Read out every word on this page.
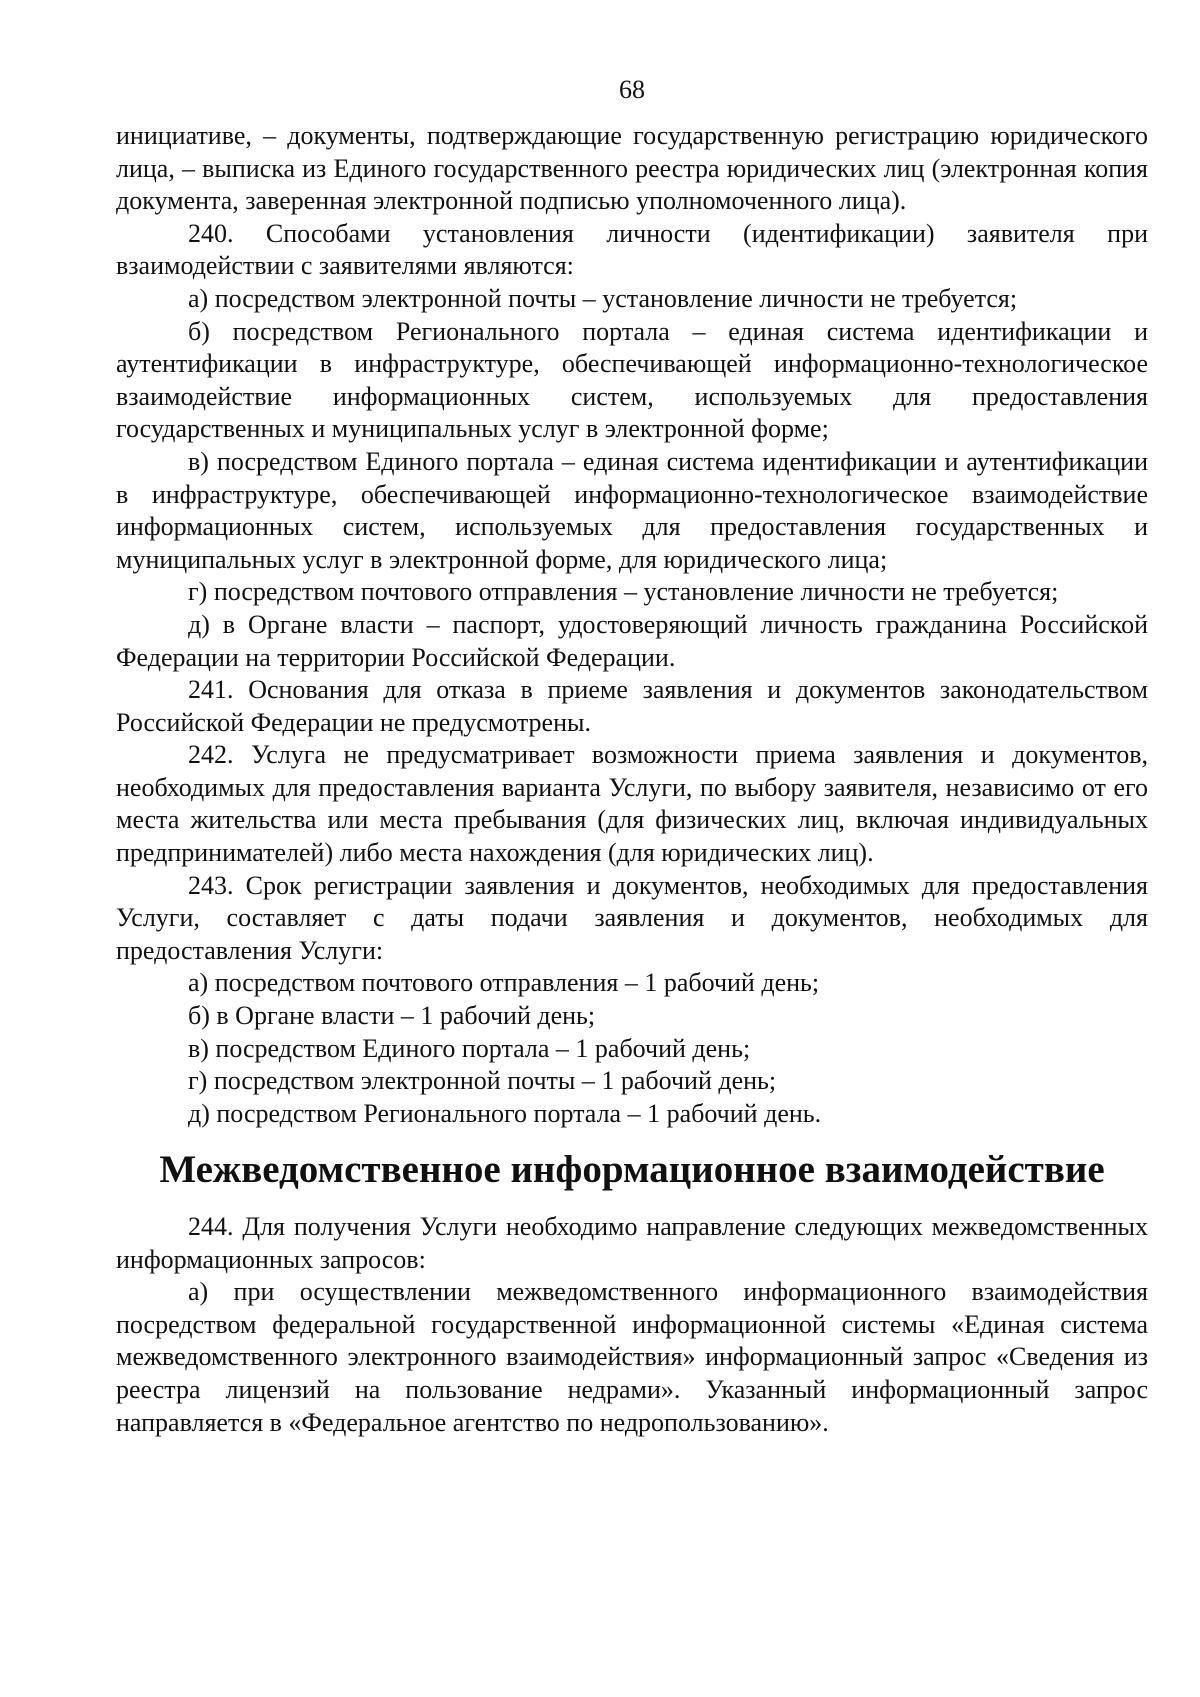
68

инициативе, – документы, подтверждающие государственную регистрацию юридического лица, – выписка из Единого государственного реестра юридических лиц (электронная копия документа, заверенная электронной подписью уполномоченного лица).

240. Способами установления личности (идентификации) заявителя при взаимодействии с заявителями являются:

а) посредством электронной почты – установление личности не требуется;

б) посредством Регионального портала – единая система идентификации и аутентификации в инфраструктуре, обеспечивающей информационно-технологическое взаимодействие информационных систем, используемых для предоставления государственных и муниципальных услуг в электронной форме;

в) посредством Единого портала – единая система идентификации и аутентификации в инфраструктуре, обеспечивающей информационно-технологическое взаимодействие информационных систем, используемых для предоставления государственных и муниципальных услуг в электронной форме, для юридического лица;

г) посредством почтового отправления – установление личности не требуется;

д) в Органе власти – паспорт, удостоверяющий личность гражданина Российской Федерации на территории Российской Федерации.

241. Основания для отказа в приеме заявления и документов законодательством Российской Федерации не предусмотрены.

242. Услуга не предусматривает возможности приема заявления и документов, необходимых для предоставления варианта Услуги, по выбору заявителя, независимо от его места жительства или места пребывания (для физических лиц, включая индивидуальных предпринимателей) либо места нахождения (для юридических лиц).

243. Срок регистрации заявления и документов, необходимых для предоставления Услуги, составляет с даты подачи заявления и документов, необходимых для предоставления Услуги:

а) посредством почтового отправления – 1 рабочий день;

б) в Органе власти – 1 рабочий день;

в) посредством Единого портала – 1 рабочий день;

г) посредством электронной почты – 1 рабочий день;

д) посредством Регионального портала – 1 рабочий день.

Межведомственное информационное взаимодействие

244. Для получения Услуги необходимо направление следующих межведомственных информационных запросов:

а) при осуществлении межведомственного информационного взаимодействия посредством федеральной государственной информационной системы «Единая система межведомственного электронного взаимодействия» информационный запрос «Сведения из реестра лицензий на пользование недрами». Указанный информационный запрос направляется в «Федеральное агентство по недропользованию».
